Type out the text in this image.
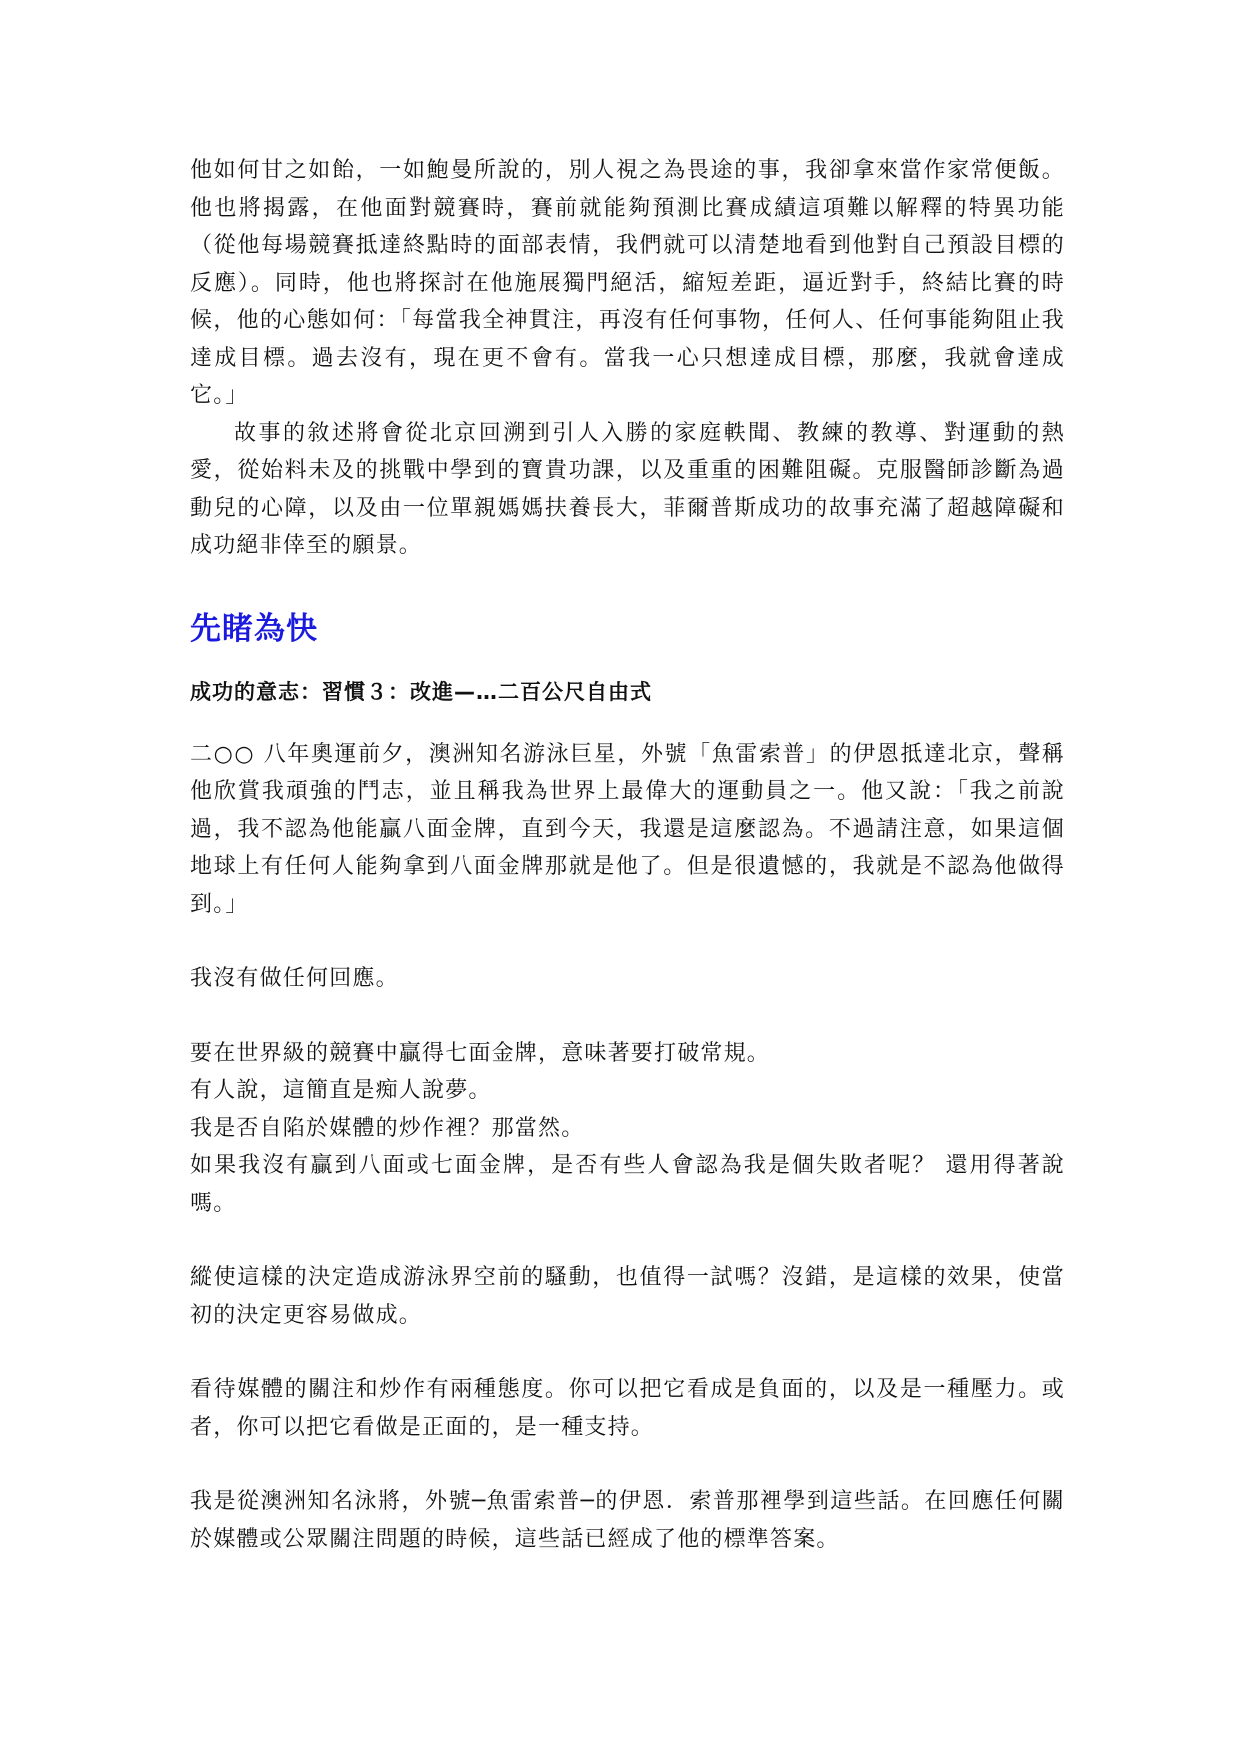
他如何甘之如飴，一如鮑曼所說的，別人視之為畏途的事，我卻拿來當作家常便飯。他也將揭露，在他面對競賽時，賽前就能夠預測比賽成績這項難以解釋的特異功能（從他每場競賽抵達終點時的面部表情，我們就可以清楚地看到他對自己預設目標的反應）。同時，他也將探討在他施展獨門絕活，縮短差距，逼近對手，終結比賽的時候，他的心態如何：「每當我全神貫注，再沒有任何事物，任何人、任何事能夠阻止我達成目標。過去沒有，現在更不會有。當我一心只想達成目標，那麼，我就會達成它。」

故事的敘述將會從北京回溯到引人入勝的家庭軼聞、教練的教導、對運動的熱愛，從始料未及的挑戰中學到的寶貴功課，以及重重的困難阻礙。克服醫師診斷為過動兒的心障，以及由一位單親媽媽扶養長大，菲爾普斯成功的故事充滿了超越障礙和成功絕非倖至的願景。

先睹為快
成功的意志：習慣３：改進—…二百公尺自由式

二○○ 八年奧運前夕，澳洲知名游泳巨星，外號「魚雷索普」的伊恩抵達北京，聲稱他欣賞我頑強的鬥志，並且稱我為世界上最偉大的運動員之一。他又說：「我之前說過，我不認為他能贏八面金牌，直到今天，我還是這麼認為。不過請注意，如果這個地球上有任何人能夠拿到八面金牌那就是他了。但是很遺憾的，我就是不認為他做得到。」

我沒有做任何回應。

要在世界級的競賽中贏得七面金牌，意味著要打破常規。

有人說，這簡直是痴人說夢。

我是否自陷於媒體的炒作裡？那當然。

如果我沒有贏到八面或七面金牌，是否有些人會認為我是個失敗者呢？ 還用得著說嗎。

縱使這樣的決定造成游泳界空前的騷動，也值得一試嗎？沒錯，是這樣的效果，使當初的決定更容易做成。

看待媒體的關注和炒作有兩種態度。你可以把它看成是負面的，以及是一種壓力。或者，你可以把它看做是正面的，是一種支持。

我是從澳洲知名泳將，外號─魚雷索普─的伊恩．索普那裡學到這些話。在回應任何關於媒體或公眾關注問題的時候，這些話已經成了他的標準答案。
